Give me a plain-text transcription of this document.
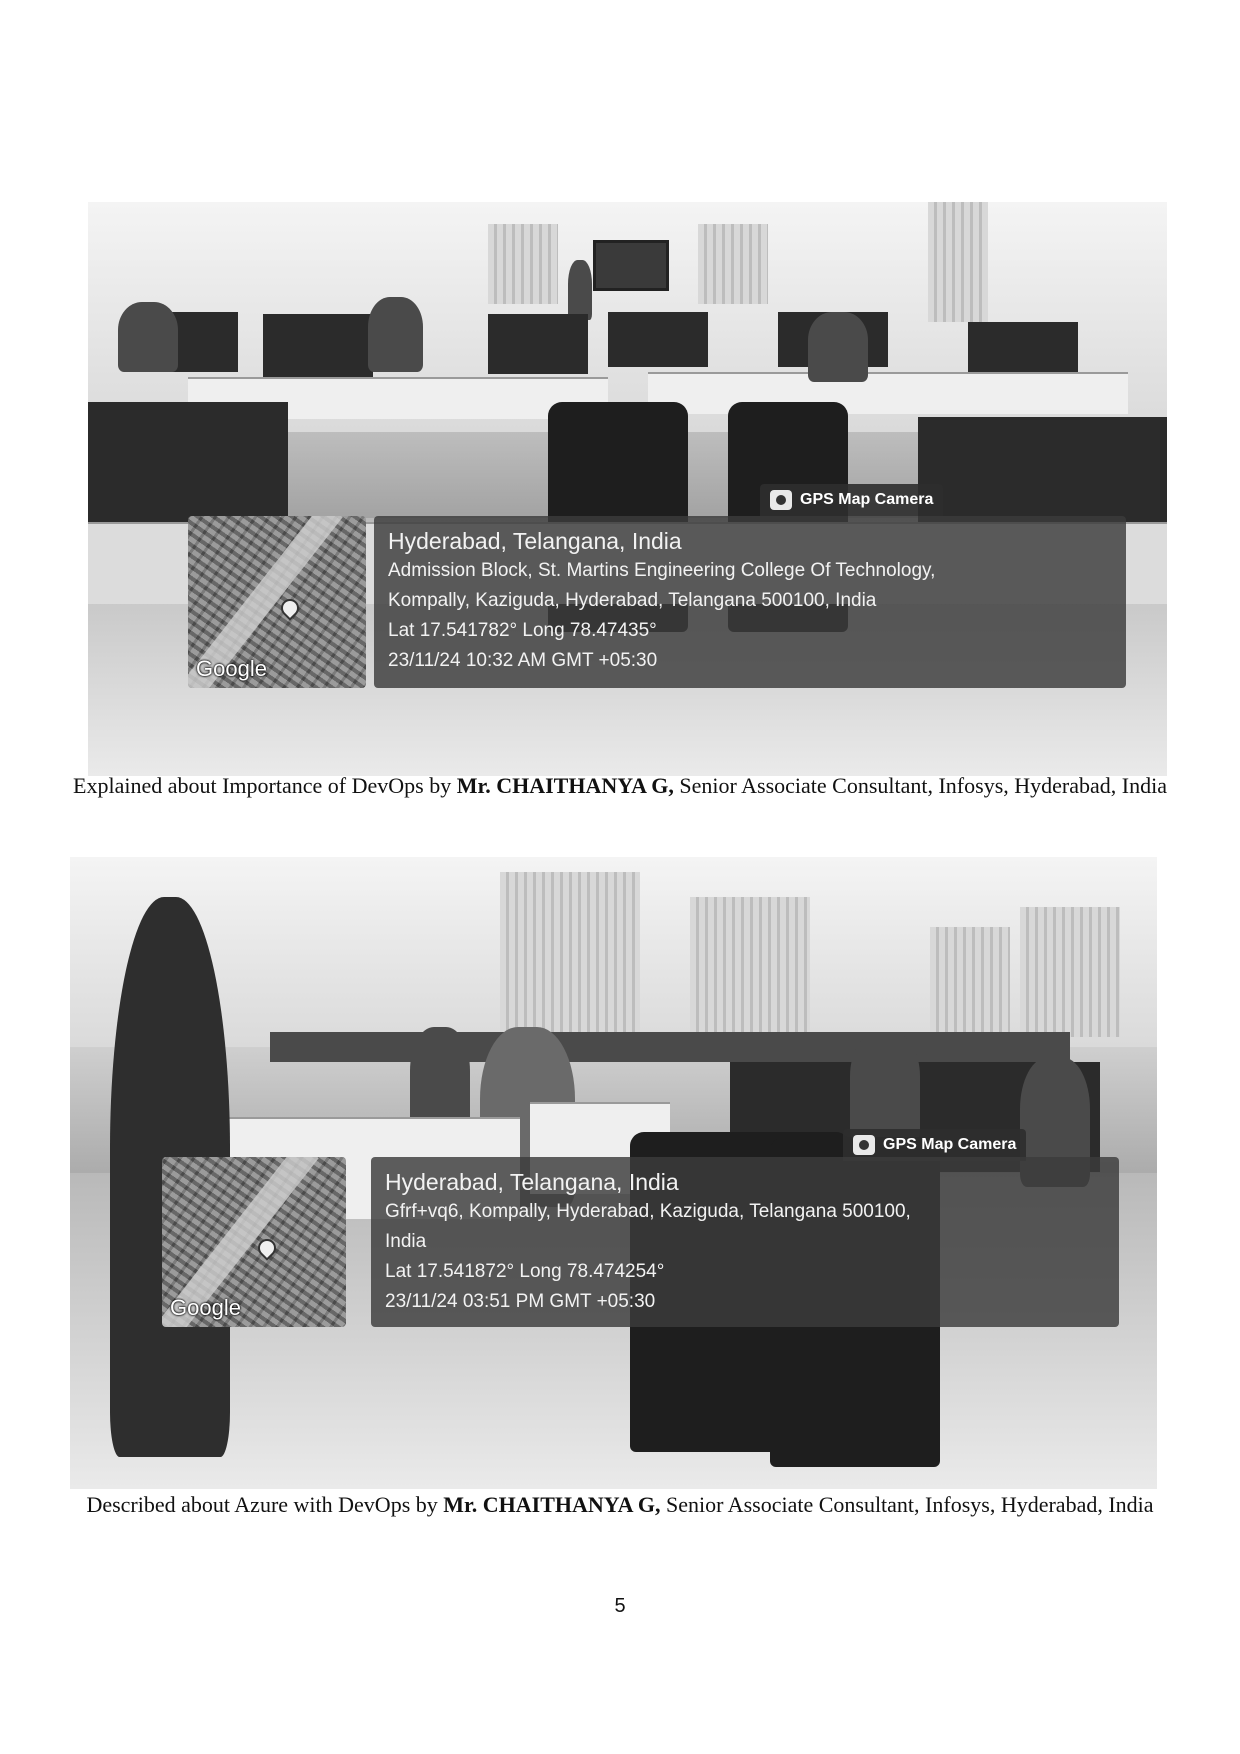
GPS Map Camera
Google
Hyderabad, Telangana, India
Admission Block, St. Martins Engineering College Of Technology,
Kompally, Kaziguda, Hyderabad, Telangana 500100, India
Lat 17.541782° Long 78.47435°
23/11/24 10:32 AM GMT +05:30
Explained about Importance of DevOps by Mr. CHAITHANYA G, Senior Associate Consultant, Infosys, Hyderabad, India
GPS Map Camera
Google
Hyderabad, Telangana, India
Gfrf+vq6, Kompally, Hyderabad, Kaziguda, Telangana 500100,
India
Lat 17.541872° Long 78.474254°
23/11/24 03:51 PM GMT +05:30
Described about Azure with DevOps by Mr. CHAITHANYA G, Senior Associate Consultant, Infosys, Hyderabad, India
5
